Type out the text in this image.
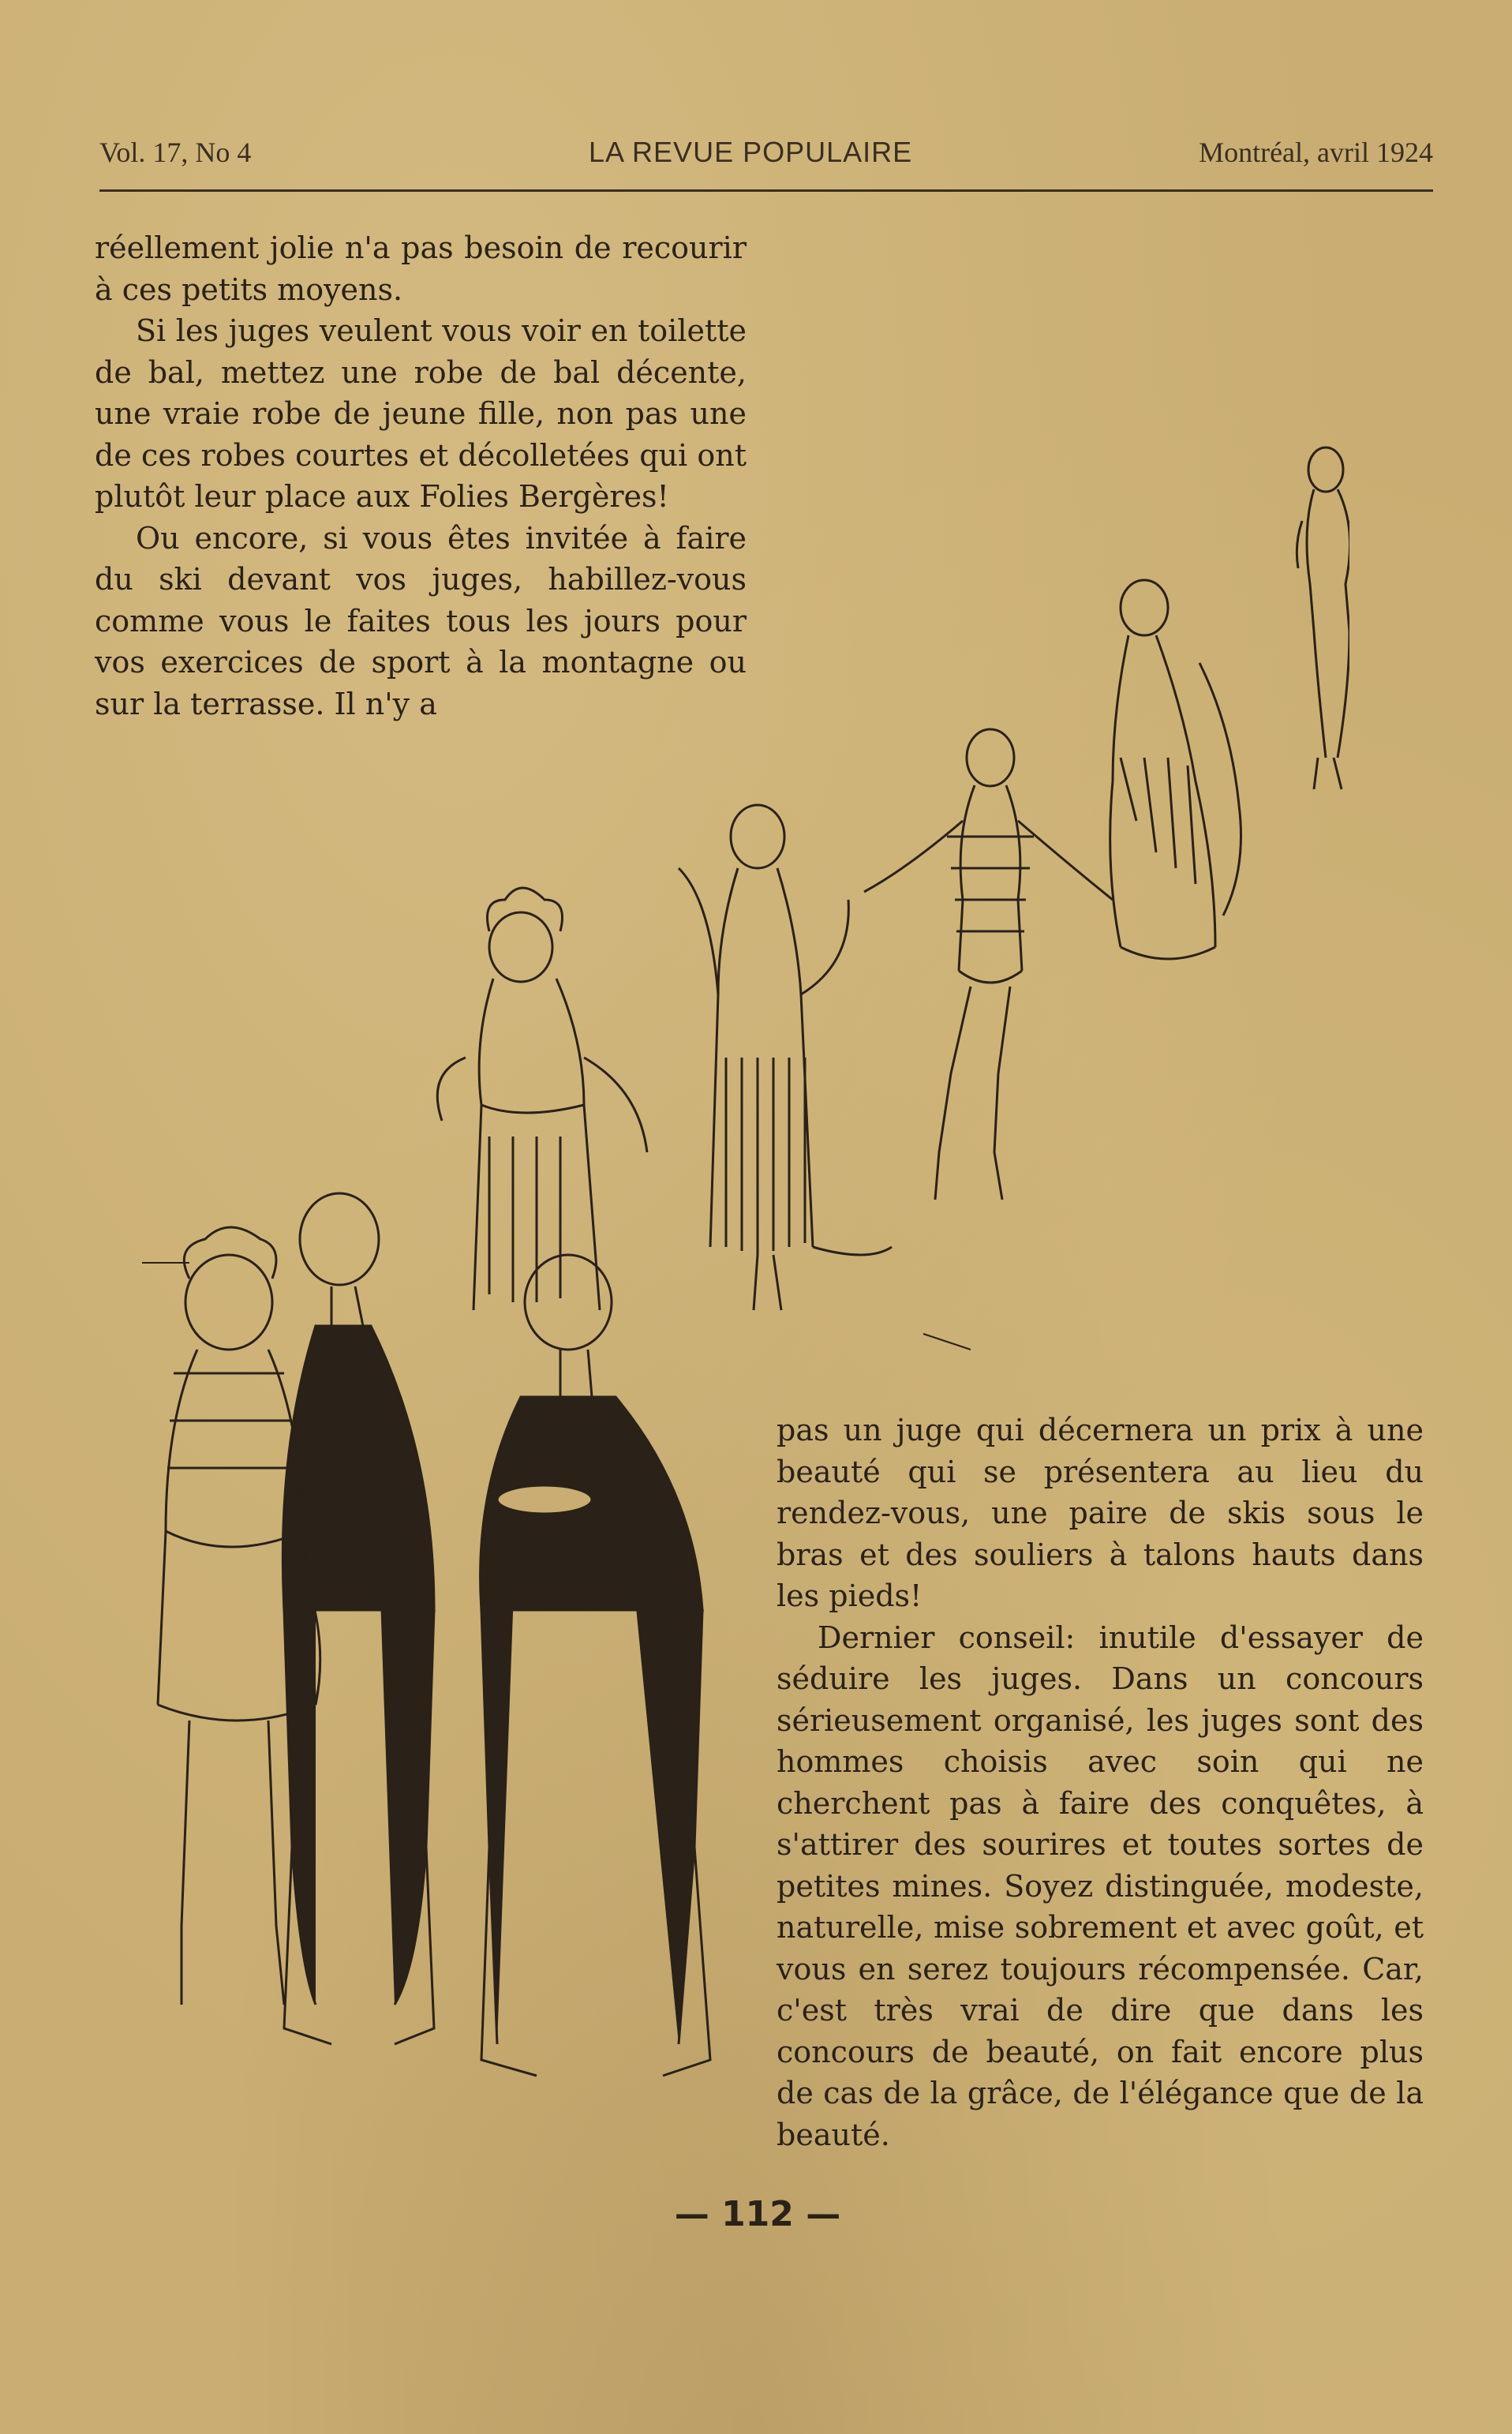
Vol. 17, No 4	LA REVUE POPULAIRE	Montréal, avril 1924

réellement jolie n'a pas besoin de recourir à ces petits moyens.

Si les juges veulent vous voir en toilette de bal, mettez une robe de bal décente, une vraie robe de jeune fille, non pas une de ces robes courtes et décolletées qui ont plutôt leur place aux Folies Bergères!

Ou encore, si vous êtes invitée à faire du ski devant vos juges, habillez-vous comme vous le faites tous les jours pour vos exercices de sport à la montagne ou sur la terrasse. Il n'y a

pas un juge qui décernera un prix à une beauté qui se présentera au lieu du rendez-vous, une paire de skis sous le bras et des souliers à talons hauts dans les pieds!

Dernier conseil: inutile d'essayer de séduire les juges. Dans un concours sérieusement organisé, les juges sont des hommes choisis avec soin qui ne cherchent pas à faire des conquêtes, à s'attirer des sourires et toutes sortes de petites mines. Soyez distinguée, modeste, naturelle, mise sobrement et avec goût, et vous en serez toujours récompensée. Car, c'est très vrai de dire que dans les concours de beauté, on fait encore plus de cas de la grâce, de l'élégance que de la beauté.

— 112 —
